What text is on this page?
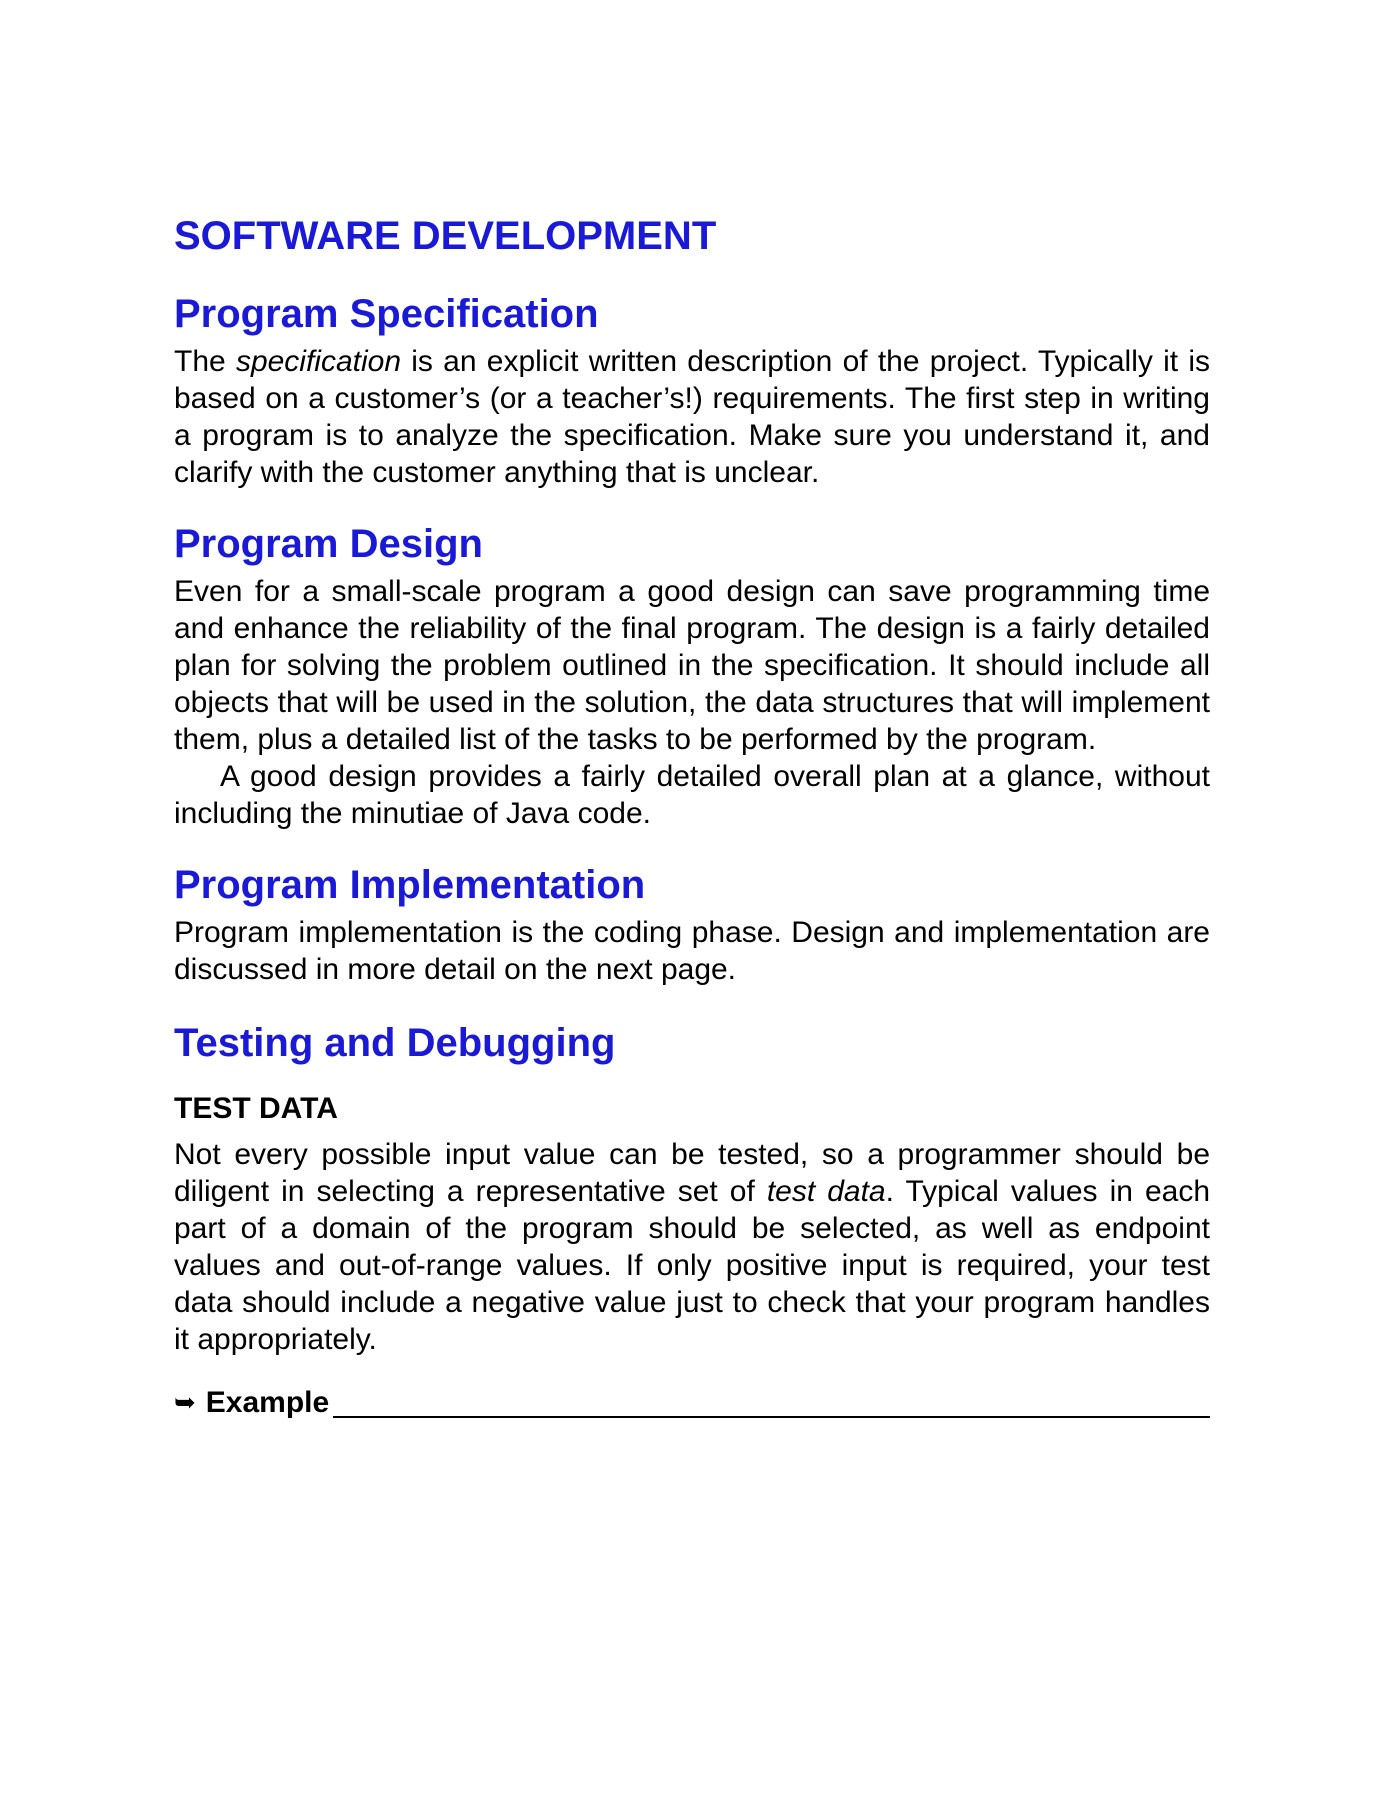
SOFTWARE DEVELOPMENT
Program Specification

The specification is an explicit written description of the project. Typically it is based on a customer’s (or a teacher’s!) requirements. The first step in writing a program is to analyze the specification. Make sure you understand it, and clarify with the customer anything that is unclear.

Program Design

Even for a small-scale program a good design can save programming time and enhance the reliability of the final program. The design is a fairly detailed plan for solving the problem outlined in the specification. It should include all objects that will be used in the solution, the data structures that will implement them, plus a detailed list of the tasks to be performed by the program.

A good design provides a fairly detailed overall plan at a glance, without including the minutiae of Java code.

Program Implementation

Program implementation is the coding phase. Design and implementation are discussed in more detail on the next page.

Testing and Debugging

TEST DATA

Not every possible input value can be tested, so a programmer should be diligent in selecting a representative set of test data. Typical values in each part of a domain of the program should be selected, as well as endpoint values and out-of-range values. If only positive input is required, your test data should include a negative value just to check that your program handles it appropriately.

➥ Example
